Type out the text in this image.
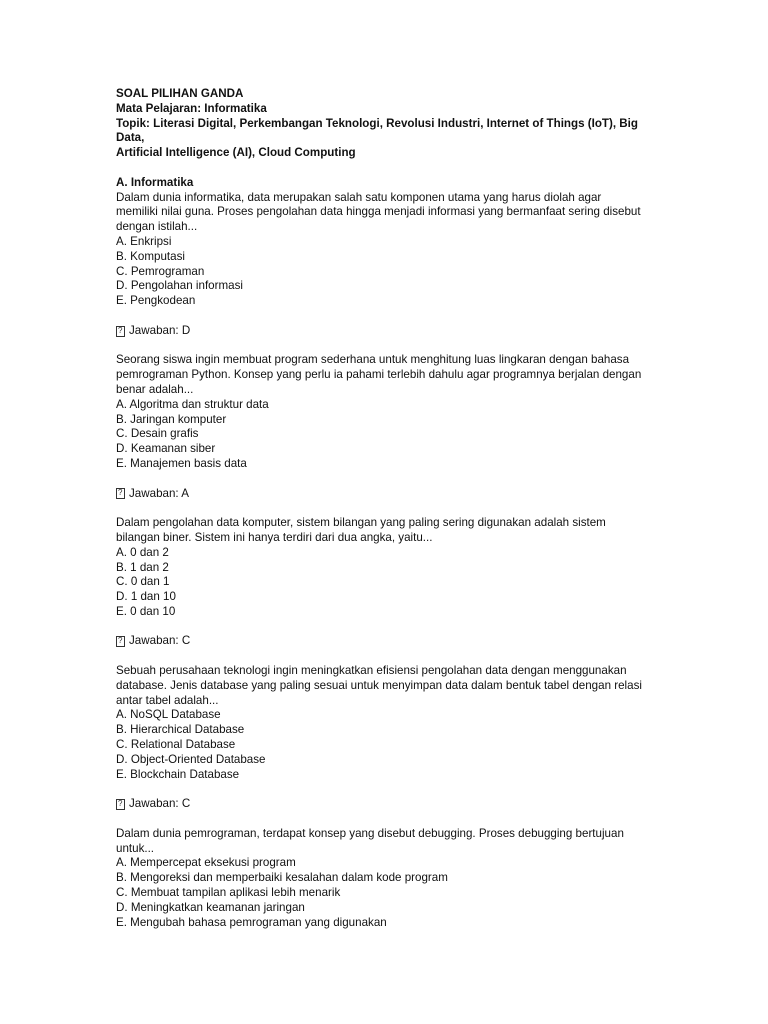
SOAL PILIHAN GANDA
Mata Pelajaran: Informatika
Topik: Literasi Digital, Perkembangan Teknologi, Revolusi Industri, Internet of Things (IoT), Big Data,
Artificial Intelligence (AI), Cloud Computing
A. Informatika
Dalam dunia informatika, data merupakan salah satu komponen utama yang harus diolah agar
memiliki nilai guna. Proses pengolahan data hingga menjadi informasi yang bermanfaat sering disebut
dengan istilah...
A. Enkripsi
B. Komputasi
C. Pemrograman
D. Pengolahan informasi
E. Pengkodean
?
Jawaban: D
Seorang siswa ingin membuat program sederhana untuk menghitung luas lingkaran dengan bahasa
pemrograman Python. Konsep yang perlu ia pahami terlebih dahulu agar programnya berjalan dengan
benar adalah...
A. Algoritma dan struktur data
B. Jaringan komputer
C. Desain grafis
D. Keamanan siber
E. Manajemen basis data
?
Jawaban: A
Dalam pengolahan data komputer, sistem bilangan yang paling sering digunakan adalah sistem
bilangan biner. Sistem ini hanya terdiri dari dua angka, yaitu...
A. 0 dan 2
B. 1 dan 2
C. 0 dan 1
D. 1 dan 10
E. 0 dan 10
?
Jawaban: C
Sebuah perusahaan teknologi ingin meningkatkan efisiensi pengolahan data dengan menggunakan
database. Jenis database yang paling sesuai untuk menyimpan data dalam bentuk tabel dengan relasi
antar tabel adalah...
A. NoSQL Database
B. Hierarchical Database
C. Relational Database
D. Object-Oriented Database
E. Blockchain Database
?
Jawaban: C
Dalam dunia pemrograman, terdapat konsep yang disebut debugging. Proses debugging bertujuan
untuk...
A. Mempercepat eksekusi program
B. Mengoreksi dan memperbaiki kesalahan dalam kode program
C. Membuat tampilan aplikasi lebih menarik
D. Meningkatkan keamanan jaringan
E. Mengubah bahasa pemrograman yang digunakan
